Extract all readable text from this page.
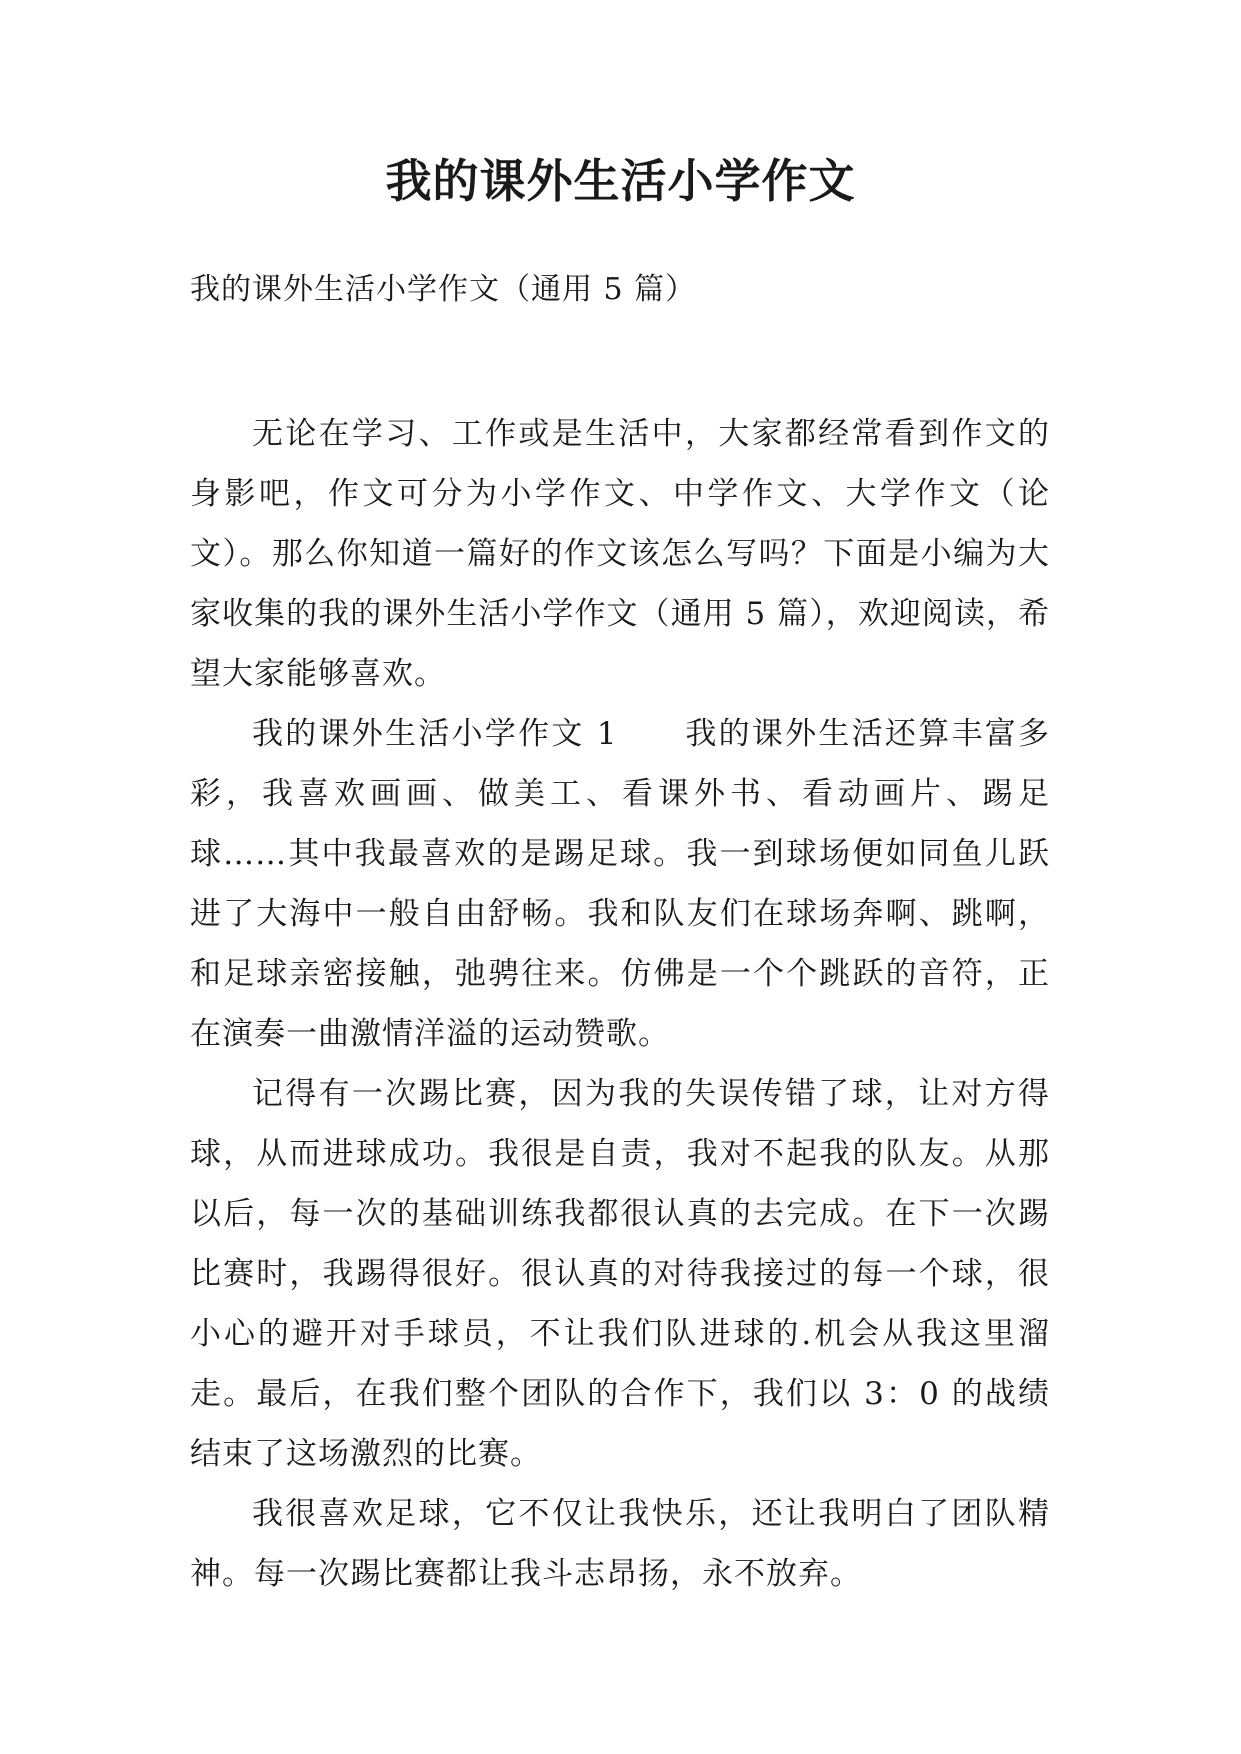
我的课外生活小学作文
我的课外生活小学作文（通用 5 篇）

无论在学习、工作或是生活中，大家都经常看到作文的身影吧，作文可分为小学作文、中学作文、大学作文（论文）。那么你知道一篇好的作文该怎么写吗？下面是小编为大家收集的我的课外生活小学作文（通用 5 篇），欢迎阅读，希望大家能够喜欢。

我的课外生活小学作文 1　　我的课外生活还算丰富多彩，我喜欢画画、做美工、看课外书、看动画片、踢足球……其中我最喜欢的是踢足球。我一到球场便如同鱼儿跃进了大海中一般自由舒畅。我和队友们在球场奔啊、跳啊，和足球亲密接触，弛骋往来。仿佛是一个个跳跃的音符，正在演奏一曲激情洋溢的运动赞歌。

记得有一次踢比赛，因为我的失误传错了球，让对方得球，从而进球成功。我很是自责，我对不起我的队友。从那以后，每一次的基础训练我都很认真的去完成。在下一次踢比赛时，我踢得很好。很认真的对待我接过的每一个球，很小心的避开对手球员，不让我们队进球的.机会从我这里溜走。最后，在我们整个团队的合作下，我们以 3：0 的战绩结束了这场激烈的比赛。

我很喜欢足球，它不仅让我快乐，还让我明白了团队精神。每一次踢比赛都让我斗志昂扬，永不放弃。
